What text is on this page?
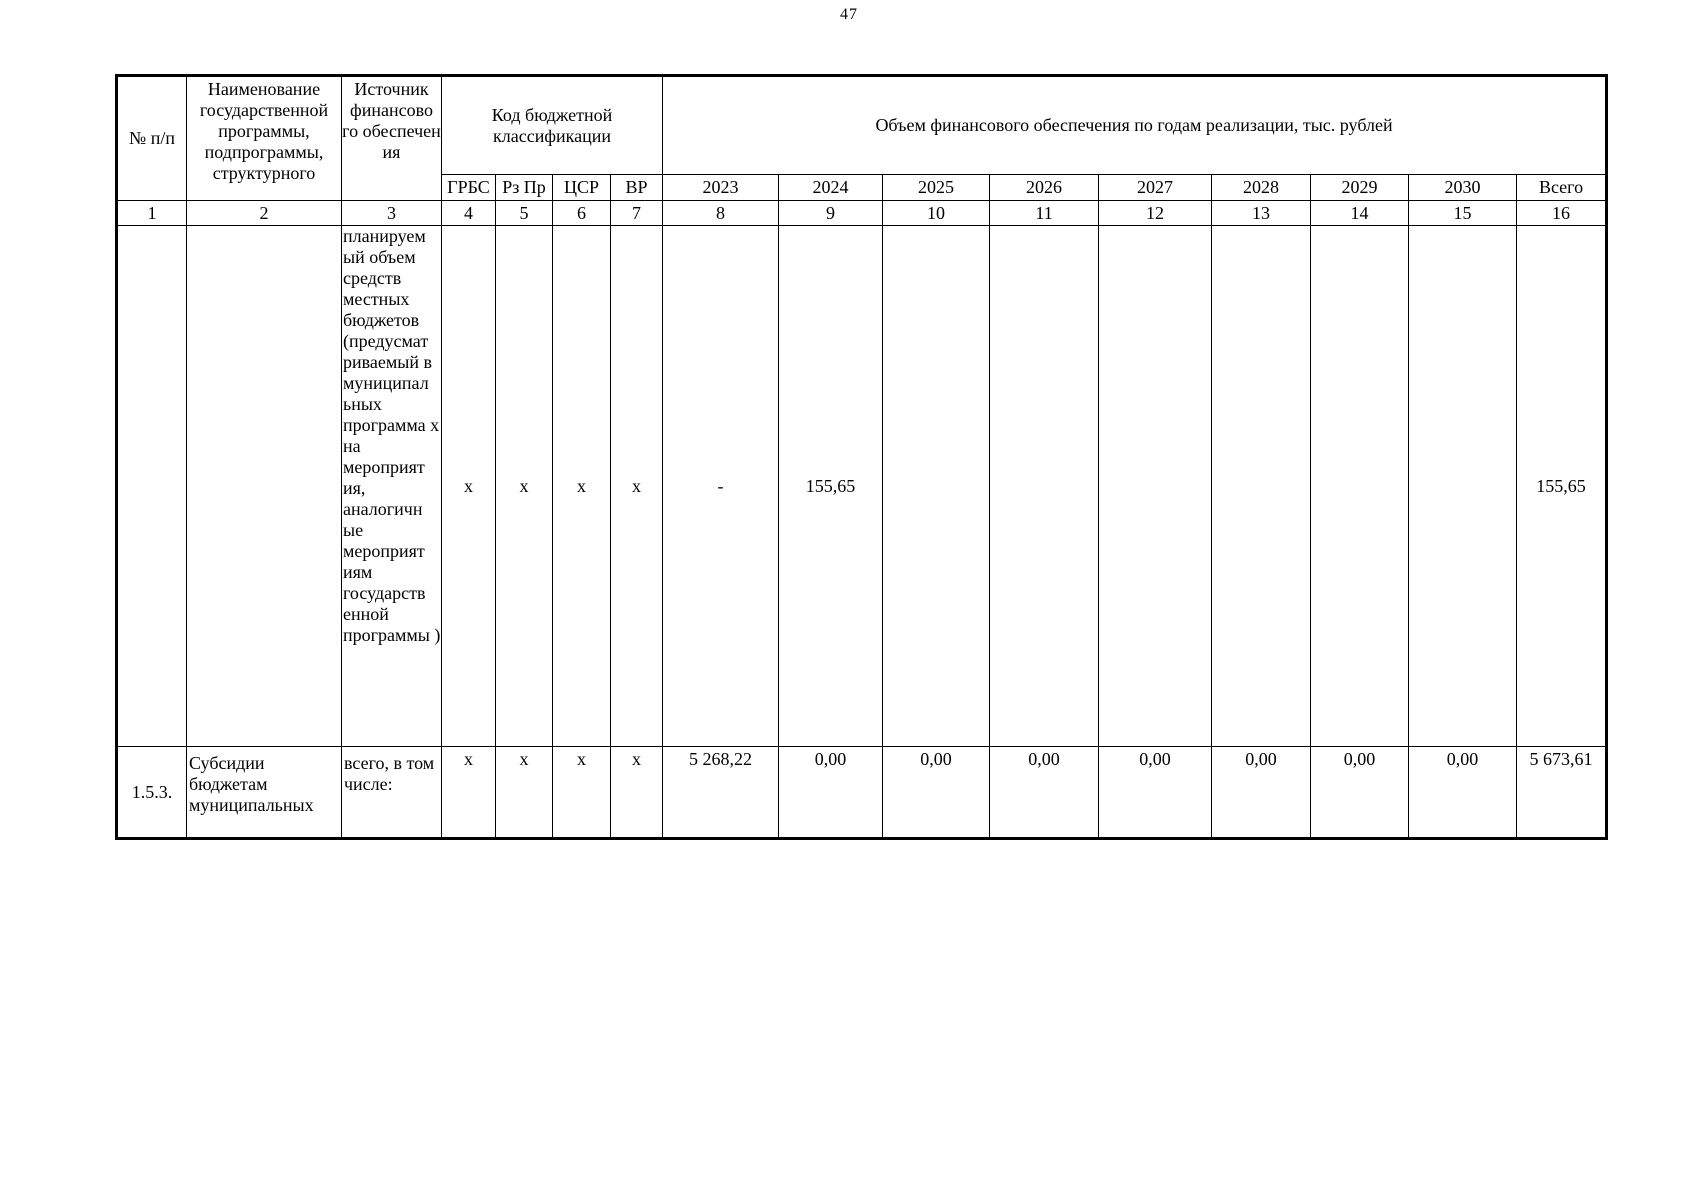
47
№ п/п	Наименование государственной программы, подпрограммы, структурного	Источник финансово го обеспечен ия	Код бюджетной классификации				Объем финансового обеспечения по годам реализации, тыс. рублей								
			ГРБС	Рз Пр	ЦСР	ВР	2023	2024	2025	2026	2027	2028	2029	2030	Всего
1	2	3	4	5	6	7	8	9	10	11	12	13	14	15	16
		планируем ый объем средств местных бюджетов (предусмат риваемый в муниципал ьных программа х на мероприят ия, аналогичн ые мероприят иям государств енной программы )	x	x	x	x	-	155,65							155,65
1.5.3.	Субсидии бюджетам муниципальных	всего, в том числе:	x	x	x	x	5 268,22	0,00	0,00	0,00	0,00	0,00	0,00	0,00	5 673,61
